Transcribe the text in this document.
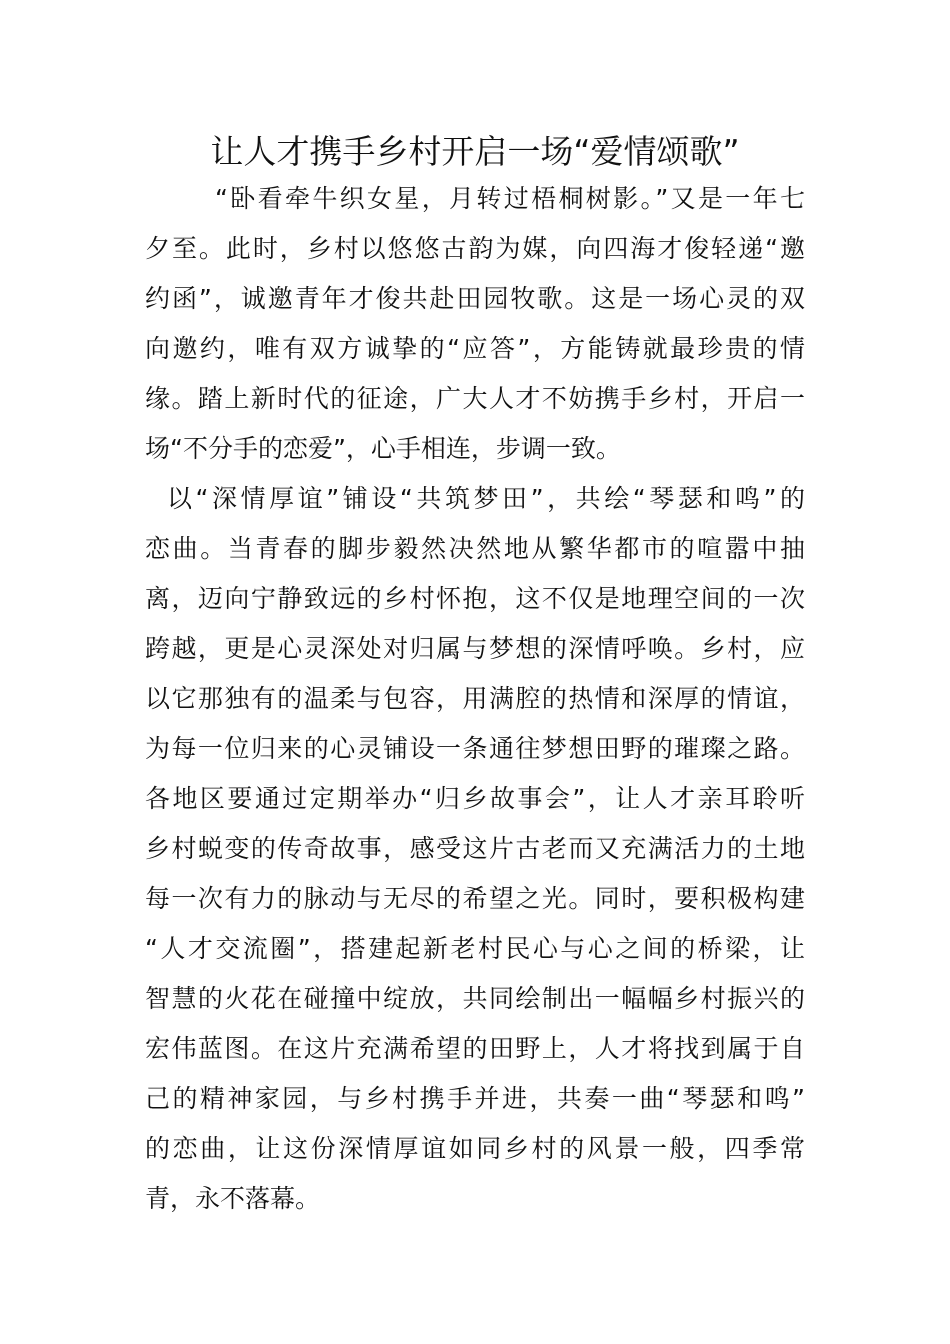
让人才携手乡村开启一场“爱情颂歌”
“卧看牵牛织女星，月转过梧桐树影。”又是一年七
夕至。此时，乡村以悠悠古韵为媒，向四海才俊轻递“邀
约函”，诚邀青年才俊共赴田园牧歌。这是一场心灵的双
向邀约，唯有双方诚挚的“应答”，方能铸就最珍贵的情
缘。踏上新时代的征途，广大人才不妨携手乡村，开启一
场“不分手的恋爱”，心手相连，步调一致。
以“深情厚谊”铺设“共筑梦田”，共绘“琴瑟和鸣”的
恋曲。当青春的脚步毅然决然地从繁华都市的喧嚣中抽
离，迈向宁静致远的乡村怀抱，这不仅是地理空间的一次
跨越，更是心灵深处对归属与梦想的深情呼唤。乡村，应
以它那独有的温柔与包容，用满腔的热情和深厚的情谊，
为每一位归来的心灵铺设一条通往梦想田野的璀璨之路。
各地区要通过定期举办“归乡故事会”，让人才亲耳聆听
乡村蜕变的传奇故事，感受这片古老而又充满活力的土地
每一次有力的脉动与无尽的希望之光。同时，要积极构建
“人才交流圈”，搭建起新老村民心与心之间的桥梁，让
智慧的火花在碰撞中绽放，共同绘制出一幅幅乡村振兴的
宏伟蓝图。在这片充满希望的田野上，人才将找到属于自
己的精神家园，与乡村携手并进，共奏一曲“琴瑟和鸣”
的恋曲，让这份深情厚谊如同乡村的风景一般，四季常
青，永不落幕。
